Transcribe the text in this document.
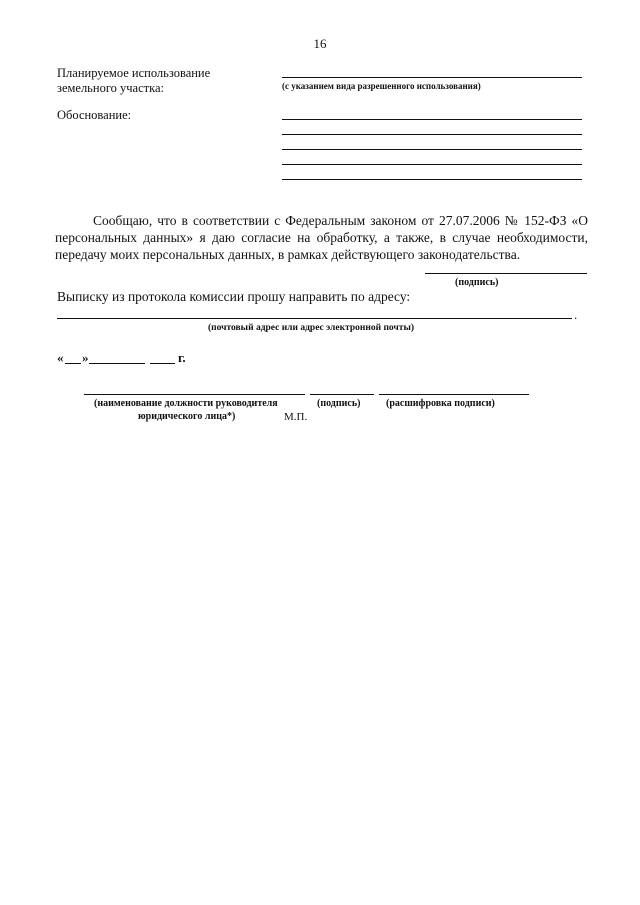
16
Планируемое использование
земельного участка:	(с указанием вида разрешенного использования)
Обоснование:
Сообщаю, что в соответствии с Федеральным законом от 27.07.2006 № 152-ФЗ «О персональных данных» я даю согласие на обработку, а также, в случае необходимости, передачу моих персональных данных, в рамках действующего законодательства.
(подпись)
Выписку из протокола комиссии прошу направить по адресу:
.
(почтовый адрес или адрес электронной почты)
« »	г.
(наименование должности руководителя
юридического лица*)
(подпись)	(расшифровка подписи)
М.П.
